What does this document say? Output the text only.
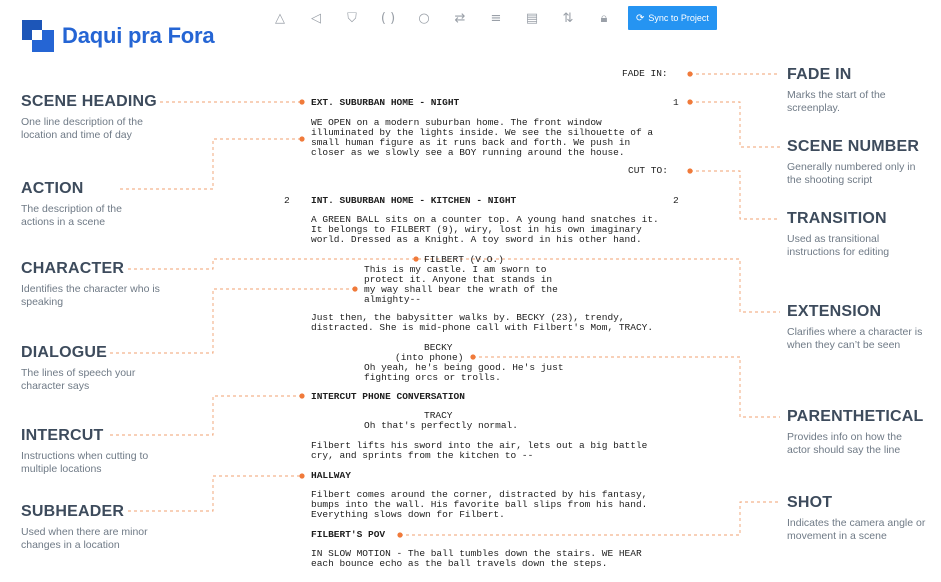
Daqui pra Fora
△	◁	⛉	( )	○	⇄	≡	▤	⇅	🔒︎	⟳ Sync to Project
SCENE HEADING
One line description of the location and time of day
ACTION
The description of the actions in a scene
CHARACTER
Identifies the character who is speaking
DIALOGUE
The lines of speech your character says
INTERCUT
Instructions when cutting to multiple locations
SUBHEADER
Used when there are minor changes in a location
FADE IN
Marks the start of the screenplay.
SCENE NUMBER
Generally numbered only in the shooting script
TRANSITION
Used as transitional instructions for editing
EXTENSION
Clarifies where a character is when they can’t be seen
PARENTHETICAL
Provides info on how the actor should say the line
SHOT
Indicates the camera angle or movement in a scene
FADE IN:
EXT. SUBURBAN HOME - NIGHT	1
WE OPEN on a modern suburban home. The front window
illuminated by the lights inside. We see the silhouette of a
small human figure as it runs back and forth. We push in
closer as we slowly see a BOY running around the house.
CUT TO:
2 INT. SUBURBAN HOME - KITCHEN - NIGHT	2
A GREEN BALL sits on a counter top. A young hand snatches it.
It belongs to FILBERT (9), wiry, lost in his own imaginary
world. Dressed as a Knight. A toy sword in his other hand.
FILBERT (V.O.)
This is my castle. I am sworn to
protect it. Anyone that stands in
my way shall bear the wrath of the
almighty--
Just then, the babysitter walks by. BECKY (23), trendy,
distracted. She is mid-phone call with Filbert's Mom, TRACY.
BECKY
(into phone)
Oh yeah, he's being good. He's just
fighting orcs or trolls.
INTERCUT PHONE CONVERSATION
TRACY
Oh that's perfectly normal.
Filbert lifts his sword into the air, lets out a big battle
cry, and sprints from the kitchen to --
HALLWAY
Filbert comes around the corner, distracted by his fantasy,
bumps into the wall. His favorite ball slips from his hand.
Everything slows down for Filbert.
FILBERT'S POV
IN SLOW MOTION - The ball tumbles down the stairs. WE HEAR
each bounce echo as the ball travels down the steps.
